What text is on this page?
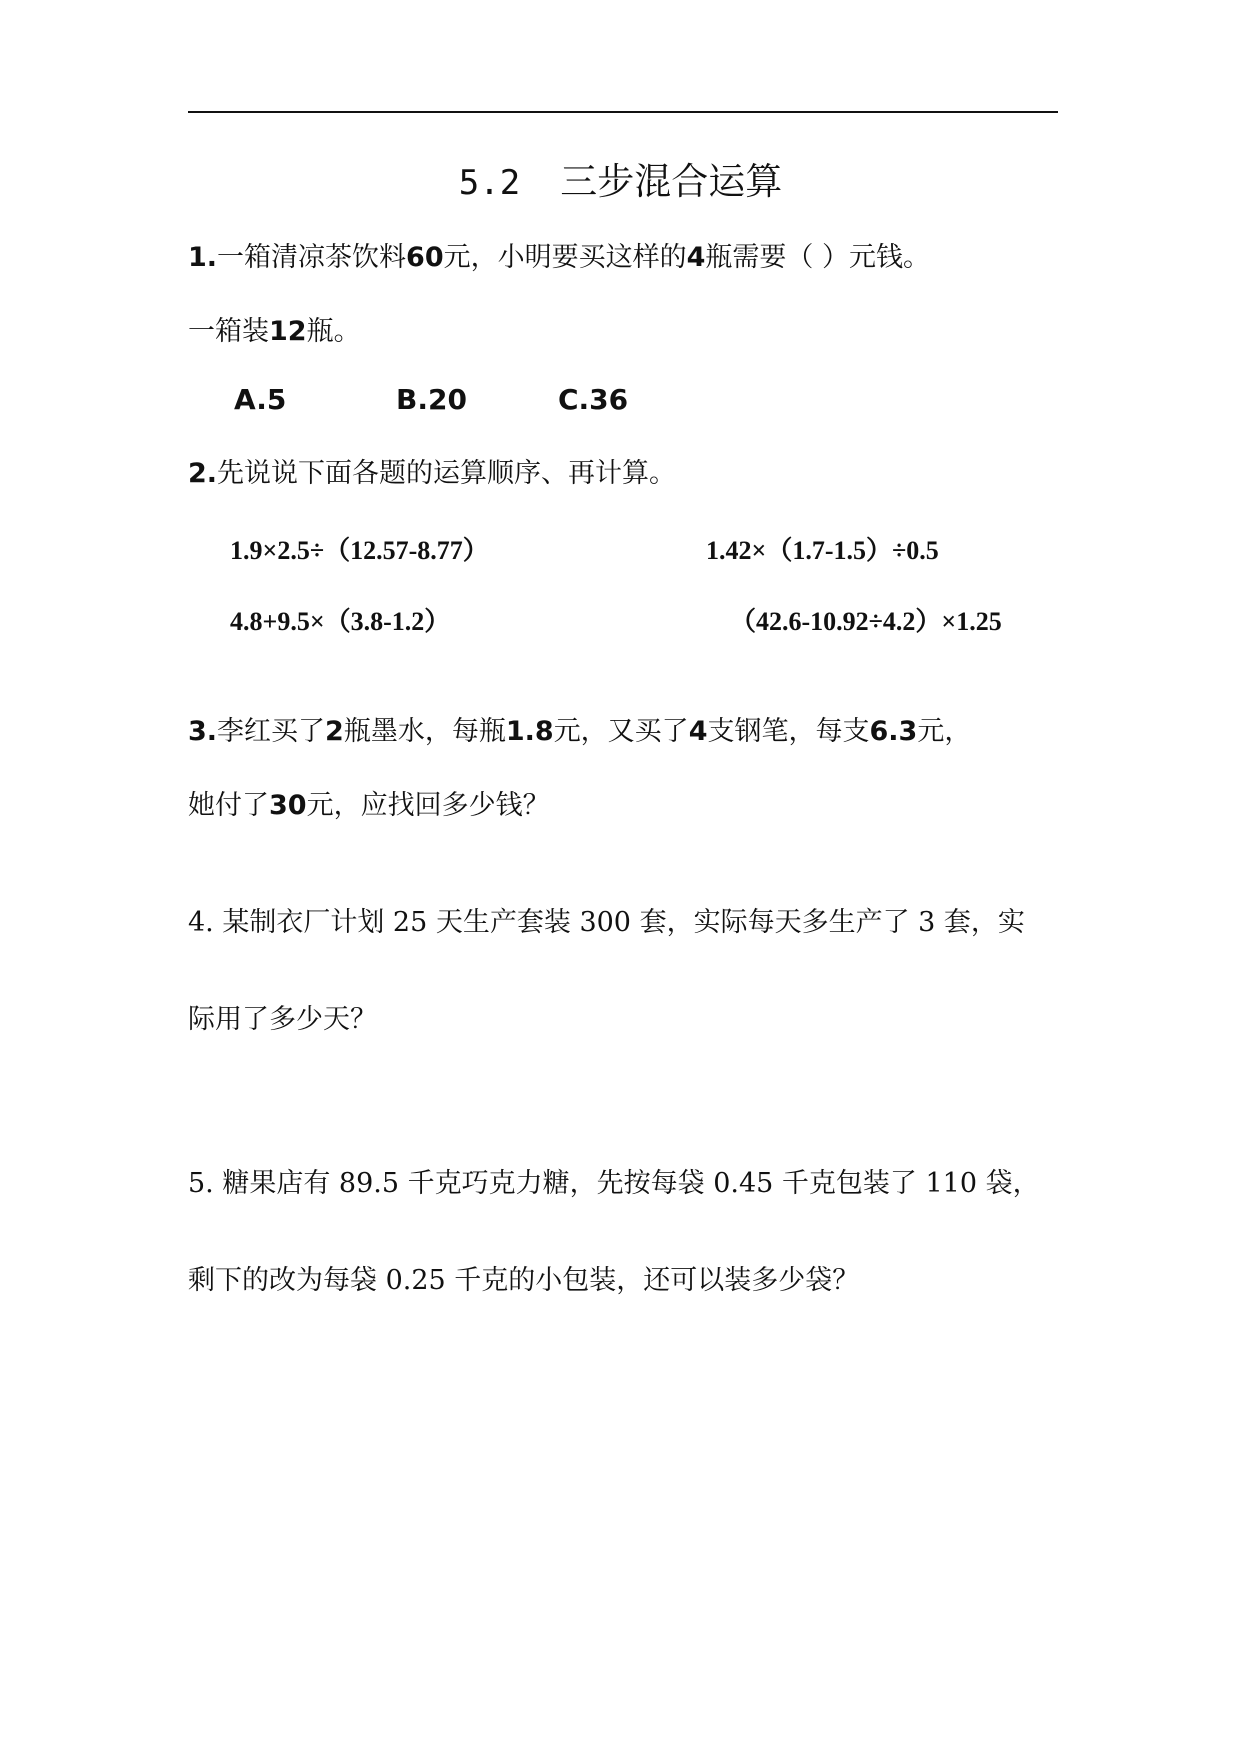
5.2 三步混合运算
1.一箱清凉茶饮料60元，小明要买这样的4瓶需要（ ）元钱。
一箱装12瓶。
A.5	B.20	C.36
2.先说说下面各题的运算顺序、再计算。
1.9×2.5÷（12.57-8.77）	1.42×（1.7-1.5）÷0.5
4.8+9.5×（3.8-1.2）	（42.6-10.92÷4.2）×1.25
3.李红买了2瓶墨水，每瓶1.8元，又买了4支钢笔，每支6.3元，
她付了30元，应找回多少钱？
4. 某制衣厂计划 25 天生产套装 300 套，实际每天多生产了 3 套，实
际用了多少天？
5. 糖果店有 89.5 千克巧克力糖，先按每袋 0.45 千克包装了 110 袋，
剩下的改为每袋 0.25 千克的小包装，还可以装多少袋？
